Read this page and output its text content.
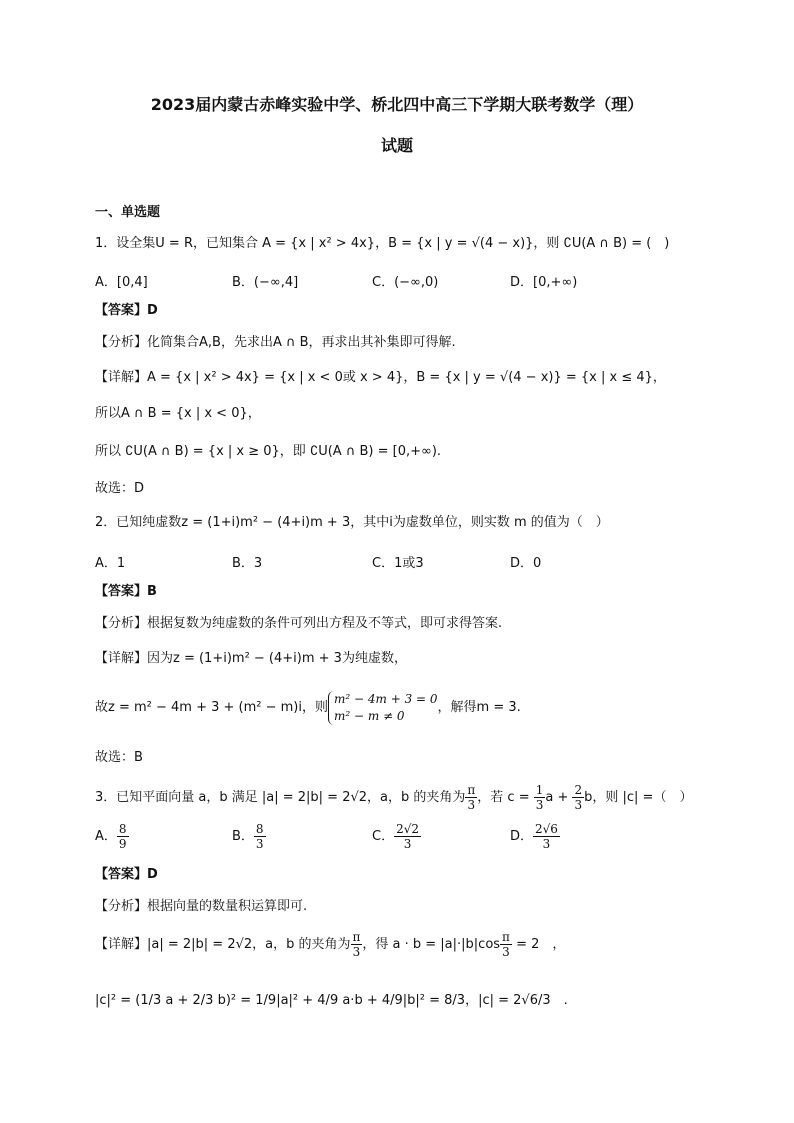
2023届内蒙古赤峰实验中学、桥北四中高三下学期大联考数学（理）
试题
一、单选题
1．设全集U = R，已知集合 A = {x | x² > 4x}，B = {x | y = √(4 − x)}，则 ∁U(A ∩ B) = (　)
A．[0,4]	B．(−∞,4]	C．(−∞,0)	D．[0,+∞)
【答案】D
【分析】化简集合A,B，先求出A ∩ B，再求出其补集即可得解.
【详解】A = {x | x² > 4x} = {x | x < 0或 x > 4}，B = {x | y = √(4 − x)} = {x | x ≤ 4}，
所以A ∩ B = {x | x < 0}，
所以 ∁U(A ∩ B) = {x | x ≥ 0}，即 ∁U(A ∩ B) = [0,+∞).
故选：D
2．已知纯虚数z = (1+i)m² − (4+i)m + 3，其中i为虚数单位，则实数 m 的值为（　）
A．1	B．3	C．1或3	D．0
【答案】B
【分析】根据复数为纯虚数的条件可列出方程及不等式，即可求得答案.
【详解】因为z = (1+i)m² − (4+i)m + 3为纯虚数，
故z = m² − 4m + 3 + (m² − m)i，则
m² − 4m + 3 = 0
m² − m ≠ 0
，解得m = 3.
故选：B
3．已知平面向量 a，b 满足 |a| = 2|b| = 2√2，a，b 的夹角为 $\frac{\pi}{3}$ ，若 $c = \frac{1}{3}$ $a + \frac{2}{3}$ b，则 |c| =（　）
A． $\frac{8}{9}$	B． $\frac{8}{3}$	C． $\frac{2√2}{3}$	D． $\frac{2√6}{3}$
【答案】D
【分析】根据向量的数量积运算即可.
【详解】|a| = 2|b| = 2√2，a，b 的夹角为 $\frac{\pi}{3}$ ，得 $a \cdot b = |a|\cdot|b|\cos \frac{\pi}{3} = 2$　，
|c|² = (1/3 a + 2/3 b)² = 1/9|a|² + 4/9 a·b + 4/9|b|² = 8/3，|c| = 2√6/3　.
